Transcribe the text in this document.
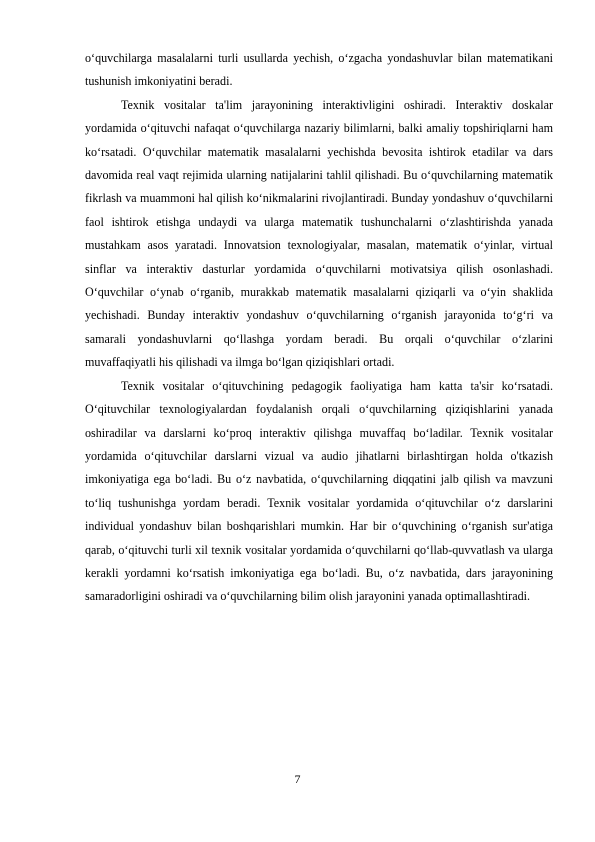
o‘quvchilarga masalalarni turli usullarda yechish, o‘zgacha yondashuvlar bilan matematikani tushunish imkoniyatini beradi.

Texnik vositalar ta'lim jarayonining interaktivligini oshiradi. Interaktiv doskalar yordamida o‘qituvchi nafaqat o‘quvchilarga nazariy bilimlarni, balki amaliy topshiriqlarni ham ko‘rsatadi. O‘quvchilar matematik masalalarni yechishda bevosita ishtirok etadilar va dars davomida real vaqt rejimida ularning natijalarini tahlil qilishadi. Bu o‘quvchilarning matematik fikrlash va muammoni hal qilish ko‘nikmalarini rivojlantiradi. Bunday yondashuv o‘quvchilarni faol ishtirok etishga undaydi va ularga matematik tushunchalarni o‘zlashtirishda yanada mustahkam asos yaratadi. Innovatsion texnologiyalar, masalan, matematik o‘yinlar, virtual sinflar va interaktiv dasturlar yordamida o‘quvchilarni motivatsiya qilish osonlashadi. O‘quvchilar o‘ynab o‘rganib, murakkab matematik masalalarni qiziqarli va o‘yin shaklida yechishadi. Bunday interaktiv yondashuv o‘quvchilarning o‘rganish jarayonida to‘g‘ri va samarali yondashuvlarni qo‘llashga yordam beradi. Bu orqali o‘quvchilar o‘zlarini muvaffaqiyatli his qilishadi va ilmga bo‘lgan qiziqishlari ortadi.

Texnik vositalar o‘qituvchining pedagogik faoliyatiga ham katta ta'sir ko‘rsatadi. O‘qituvchilar texnologiyalardan foydalanish orqali o‘quvchilarning qiziqishlarini yanada oshiradilar va darslarni ko‘proq interaktiv qilishga muvaffaq bo‘ladilar. Texnik vositalar yordamida o‘qituvchilar darslarni vizual va audio jihatlarni birlashtirgan holda o'tkazish imkoniyatiga ega bo‘ladi. Bu o‘z navbatida, o‘quvchilarning diqqatini jalb qilish va mavzuni to‘liq tushunishga yordam beradi. Texnik vositalar yordamida o‘qituvchilar o‘z darslarini individual yondashuv bilan boshqarishlari mumkin. Har bir o‘quvchining o‘rganish sur'atiga qarab, o‘qituvchi turli xil texnik vositalar yordamida o‘quvchilarni qo‘llab-quvvatlash va ularga kerakli yordamni ko‘rsatish imkoniyatiga ega bo‘ladi. Bu, o‘z navbatida, dars jarayonining samaradorligini oshiradi va o‘quvchilarning bilim olish jarayonini yanada optimallashtiradi.

7
